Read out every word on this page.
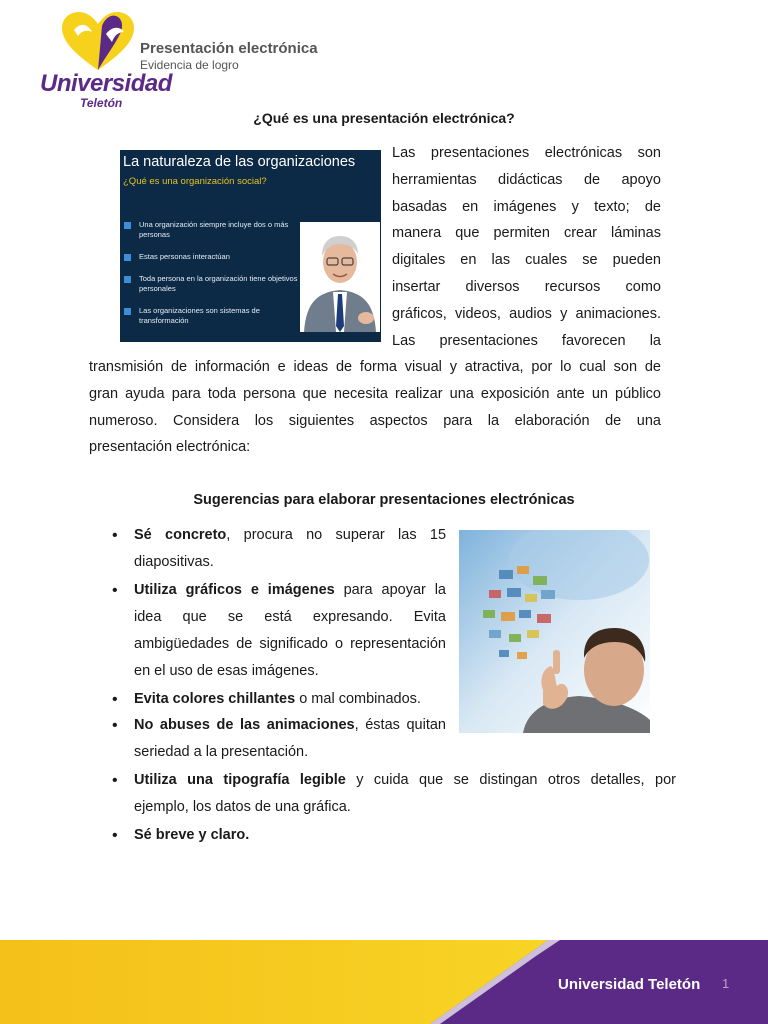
Universidad
Teletón
Presentación electrónica
Evidencia de logro
¿Qué es una presentación electrónica?
La naturaleza de las organizaciones
¿Qué es una organización social?
Una organización siempre incluye dos o más personas
Estas personas interactúan
Toda persona en la organización tiene objetivos personales
Las organizaciones son sistemas de transformación
Las presentaciones electrónicas son
herramientas didácticas de apoyo
basadas en imágenes y texto; de
manera que permiten crear láminas
digitales en las cuales se pueden
insertar diversos recursos como
gráficos, videos, audios y animaciones.
Las presentaciones favorecen la
transmisión de información e ideas de forma visual y atractiva, por lo cual son de
gran ayuda para toda persona que necesita realizar una exposición ante un público
numeroso. Considera los siguientes aspectos para la elaboración de una
presentación electrónica:
Sugerencias para elaborar presentaciones electrónicas
• Sé concreto, procura no superar las 15
diapositivas.
• Utiliza gráficos e imágenes para apoyar la
idea que se está expresando. Evita
ambigüedades de significado o representación
en el uso de esas imágenes.
• Evita colores chillantes o mal combinados.
• No abuses de las animaciones, éstas quitan
seriedad a la presentación.
• Utiliza una tipografía legible y cuida que se distingan otros detalles, por
ejemplo, los datos de una gráfica.
• Sé breve y claro.
Universidad Teletón 1
